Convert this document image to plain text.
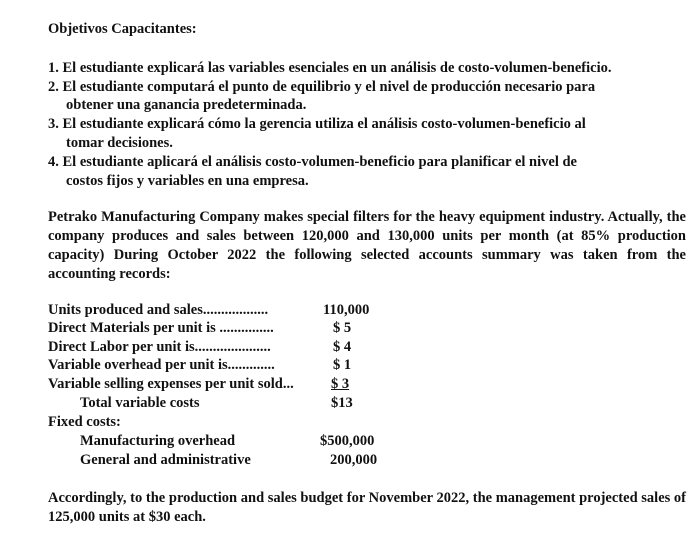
Objetivos Capacitantes:
1. El estudiante explicará las variables esenciales en un análisis de costo-volumen-beneficio.
2. El estudiante computará el punto de equilibrio y el nivel de producción necesario para
obtener una ganancia predeterminada.
3. El estudiante explicará cómo la gerencia utiliza el análisis costo-volumen-beneficio al
tomar decisiones.
4. El estudiante aplicará el análisis costo-volumen-beneficio para planificar el nivel de
costos fijos y variables en una empresa.
Petrako Manufacturing Company makes special filters for the heavy equipment industry. Actually, the company produces and sales between 120,000 and 130,000 units per month (at 85% production capacity) During October 2022 the following selected accounts summary was taken from the accounting records:
Units produced and sales..................	110,000
Direct Materials per unit is ...............	$ 5
Direct Labor per unit is.....................	$ 4
Variable overhead per unit is.............	$ 1
Variable selling expenses per unit sold...	$ 3
Total variable costs	$13
Fixed costs:
Manufacturing overhead	$500,000
General and administrative	200,000
Accordingly, to the production and sales budget for November 2022, the management projected sales of 125,000 units at $30 each.
